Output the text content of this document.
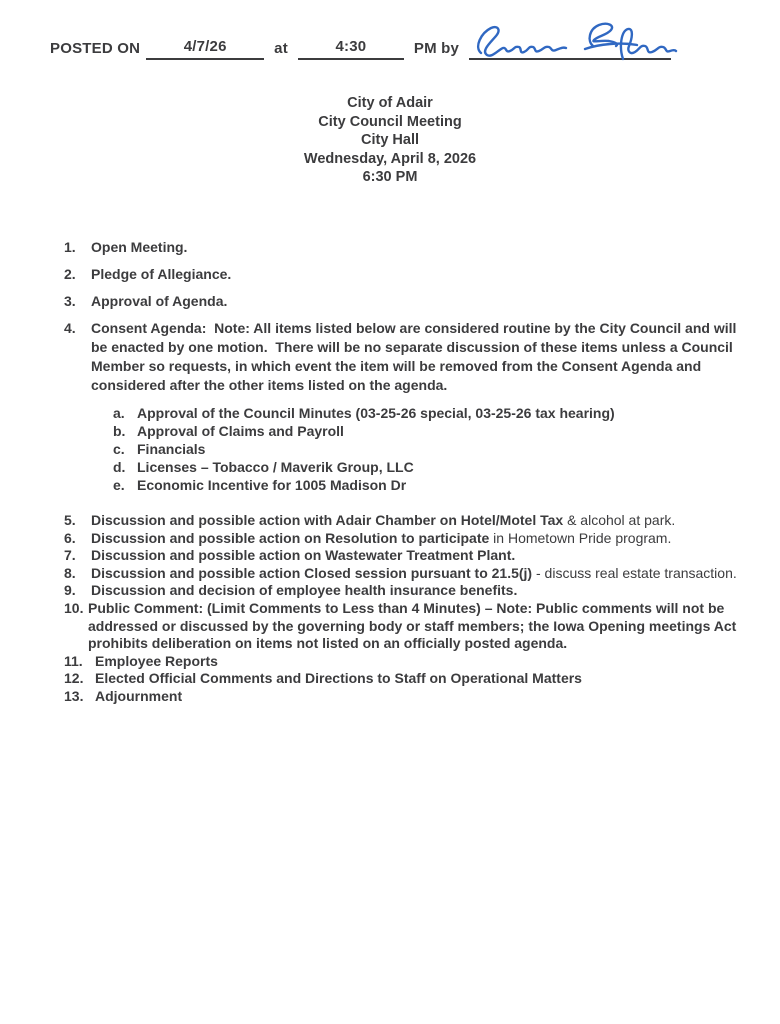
POSTED ON	4/7/26	at	4:30	PM by
City of Adair
City Council Meeting
City Hall
Wednesday, April 8, 2026
6:30 PM
1.	Open Meeting.
2.	Pledge of Allegiance.
3.	Approval of Agenda.
4.	Consent Agenda:  Note: All items listed below are considered routine by the City Council and will be enacted by one motion.  There will be no separate discussion of these items unless a Council Member so requests, in which event the item will be removed from the Consent Agenda and considered after the other items listed on the agenda.
a. Approval of the Council Minutes (03-25-26 special, 03-25-26 tax hearing)
b. Approval of Claims and Payroll
c. Financials
d. Licenses – Tobacco / Maverik Group, LLC
e. Economic Incentive for 1005 Madison Dr
5.	Discussion and possible action with Adair Chamber on Hotel/Motel Tax & alcohol at park.
6.	Discussion and possible action on Resolution to participate in Hometown Pride program.
7.	Discussion and possible action on Wastewater Treatment Plant.
8.	Discussion and possible action Closed session pursuant to 21.5(j) - discuss real estate transaction.
9.	Discussion and decision of employee health insurance benefits.
10. Public Comment: (Limit Comments to Less than 4 Minutes) – Note: Public comments will not be addressed or discussed by the governing body or staff members; the Iowa Opening meetings Act prohibits deliberation on items not listed on an officially posted agenda.
11. Employee Reports
12. Elected Official Comments and Directions to Staff on Operational Matters
13. Adjournment
